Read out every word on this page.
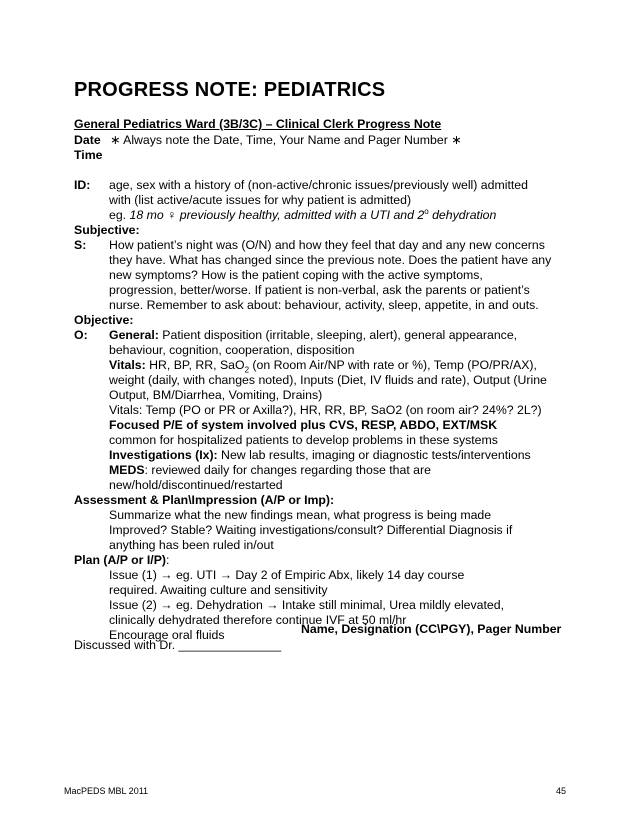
PROGRESS NOTE: PEDIATRICS
General Pediatrics Ward (3B/3C) – Clinical Clerk Progress Note
Date ∗ Always note the Date, Time, Your Name and Pager Number ∗
Time
ID: age, sex with a history of (non-active/chronic issues/previously well) admitted
with (list active/acute issues for why patient is admitted)
eg. 18 mo ♀ previously healthy, admitted with a UTI and 2$^o$ dehydration
Subjective:
S: How patient’s night was (O/N) and how they feel that day and any new concerns
they have. What has changed since the previous note. Does the patient have any
new symptoms? How is the patient coping with the active symptoms,
progression, better/worse. If patient is non-verbal, ask the parents or patient’s
nurse. Remember to ask about: behaviour, activity, sleep, appetite, in and outs.
Objective:
O: General: Patient disposition (irritable, sleeping, alert), general appearance,
behaviour, cognition, cooperation, disposition
Vitals: HR, BP, RR, SaO$_2$ (on Room Air/NP with rate or %), Temp (PO/PR/AX),
weight (daily, with changes noted), Inputs (Diet, IV fluids and rate), Output (Urine
Output, BM/Diarrhea, Vomiting, Drains)
Vitals: Temp (PO or PR or Axilla?), HR, RR, BP, SaO2 (on room air? 24%? 2L?)
Focused P/E of system involved plus CVS, RESP, ABDO, EXT/MSK
common for hospitalized patients to develop problems in these systems
Investigations (Ix): New lab results, imaging or diagnostic tests/interventions
MEDS: reviewed daily for changes regarding those that are
new/hold/discontinued/restarted
Assessment & Plan\Impression (A/P or Imp):
Summarize what the new findings mean, what progress is being made
Improved? Stable? Waiting investigations/consult? Differential Diagnosis if
anything has been ruled in/out
Plan (A/P or I/P):
Issue (1) → eg. UTI → Day 2 of Empiric Abx, likely 14 day course
required. Awaiting culture and sensitivity
Issue (2) → eg. Dehydration → Intake still minimal, Urea mildly elevated,
clinically dehydrated therefore continue IVF at 50 ml/hr
Encourage oral fluids	Name, Designation (CC\PGY), Pager Number
Discussed with Dr. _______________
MacPEDS MBL 2011	45
